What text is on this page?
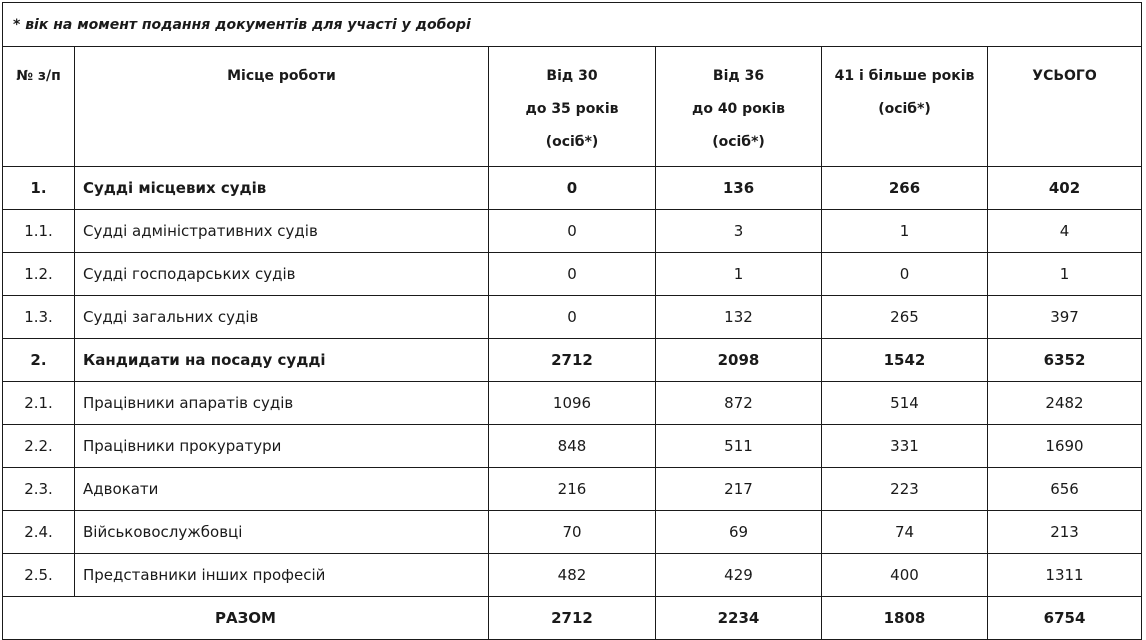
* вік на момент подання документів для участі у доборі					
№ з/п	Місце роботи	Від 30
до 35 років
(осіб*)	Від 36
до 40 років
(осіб*)	41 і більше років
(осіб*)	УСЬОГО
1.	Судді місцевих судів	0	136	266	402
1.1.	Судді адміністративних судів	0	3	1	4
1.2.	Судді господарських судів	0	1	0	1
1.3.	Судді загальних судів	0	132	265	397
2.	Кандидати на посаду судді	2712	2098	1542	6352
2.1.	Працівники апаратів судів	1096	872	514	2482
2.2.	Працівники прокуратури	848	511	331	1690
2.3.	Адвокати	216	217	223	656
2.4.	Військовослужбовці	70	69	74	213
2.5.	Представники інших професій	482	429	400	1311
РАЗОМ		2712	2234	1808	6754
